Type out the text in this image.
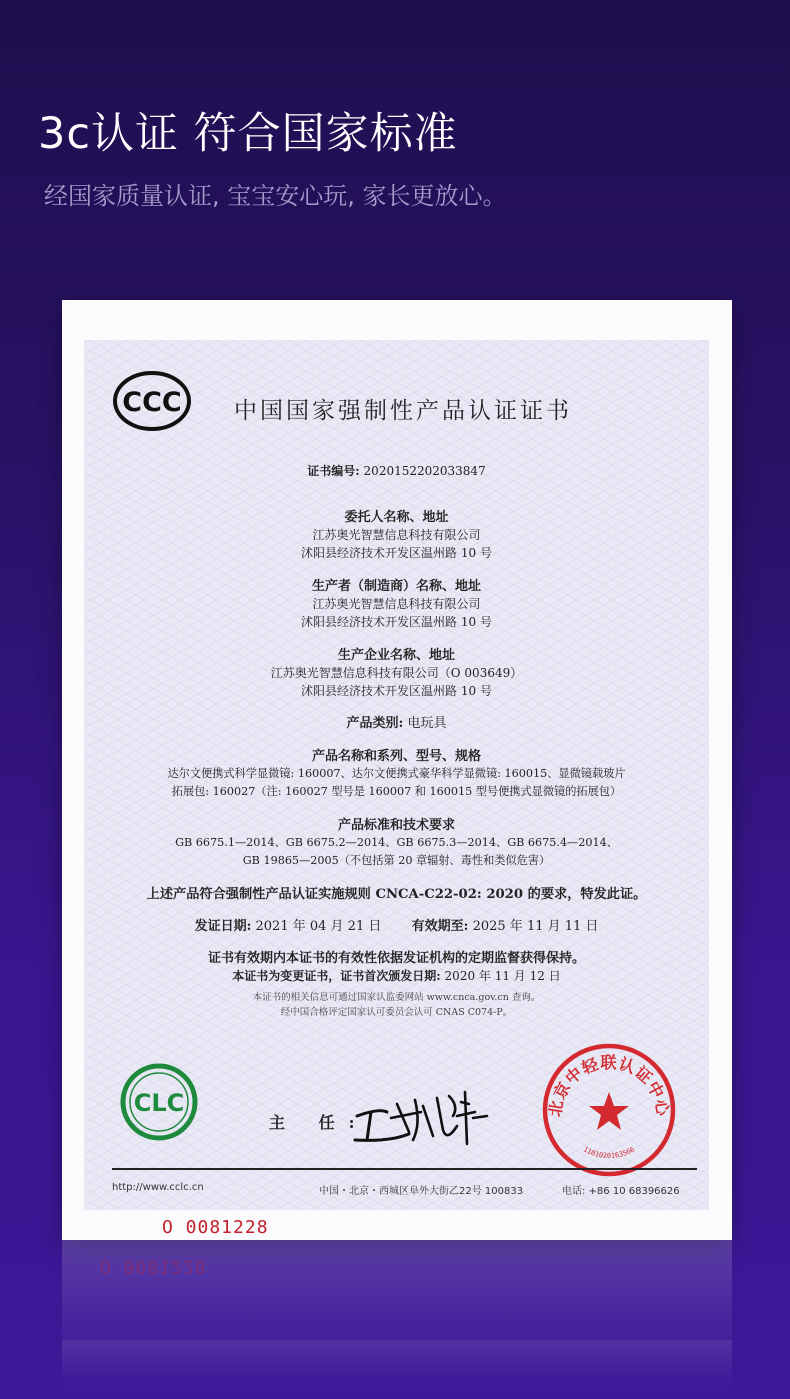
3c认证 符合国家标准
经国家质量认证, 宝宝安心玩, 家长更放心。
CCC 中国国家强制性产品认证证书
证书编号: 2020152202033847
委托人名称、地址
江苏奥光智慧信息科技有限公司
沭阳县经济技术开发区温州路 10 号
生产者（制造商）名称、地址
江苏奥光智慧信息科技有限公司
沭阳县经济技术开发区温州路 10 号
生产企业名称、地址
江苏奥光智慧信息科技有限公司（O 003649）
沭阳县经济技术开发区温州路 10 号
产品类别: 电玩具
产品名称和系列、型号、规格
达尔文便携式科学显微镜: 160007、达尔文便携式豪华科学显微镜: 160015、显微镜载玻片
拓展包: 160027（注: 160027 型号是 160007 和 160015 型号便携式显微镜的拓展包）
产品标准和技术要求
GB 6675.1—2014、GB 6675.2—2014、GB 6675.3—2014、GB 6675.4—2014、
GB 19865—2005（不包括第 20 章辐射、毒性和类似危害）
上述产品符合强制性产品认证实施规则 CNCA-C22-02: 2020 的要求，特发此证。
发证日期: 2021 年 04 月 21 日 有效期至: 2025 年 11 月 11 日
证书有效期内本证书的有效性依据发证机构的定期监督获得保持。
本证书为变更证书，证书首次颁发日期: 2020 年 11 月 12 日
本证书的相关信息可通过国家认监委网站 www.cnca.gov.cn 查询。
经中国合格评定国家认可委员会认可 CNAS C074-P。
CLC
主 任:
北京中轻联认证中心
1101020163566
http://www.cclc.cn	中国・北京・西城区阜外大街乙22号 100833	电话: +86 10 68396626
O 0081228
O 0081228
